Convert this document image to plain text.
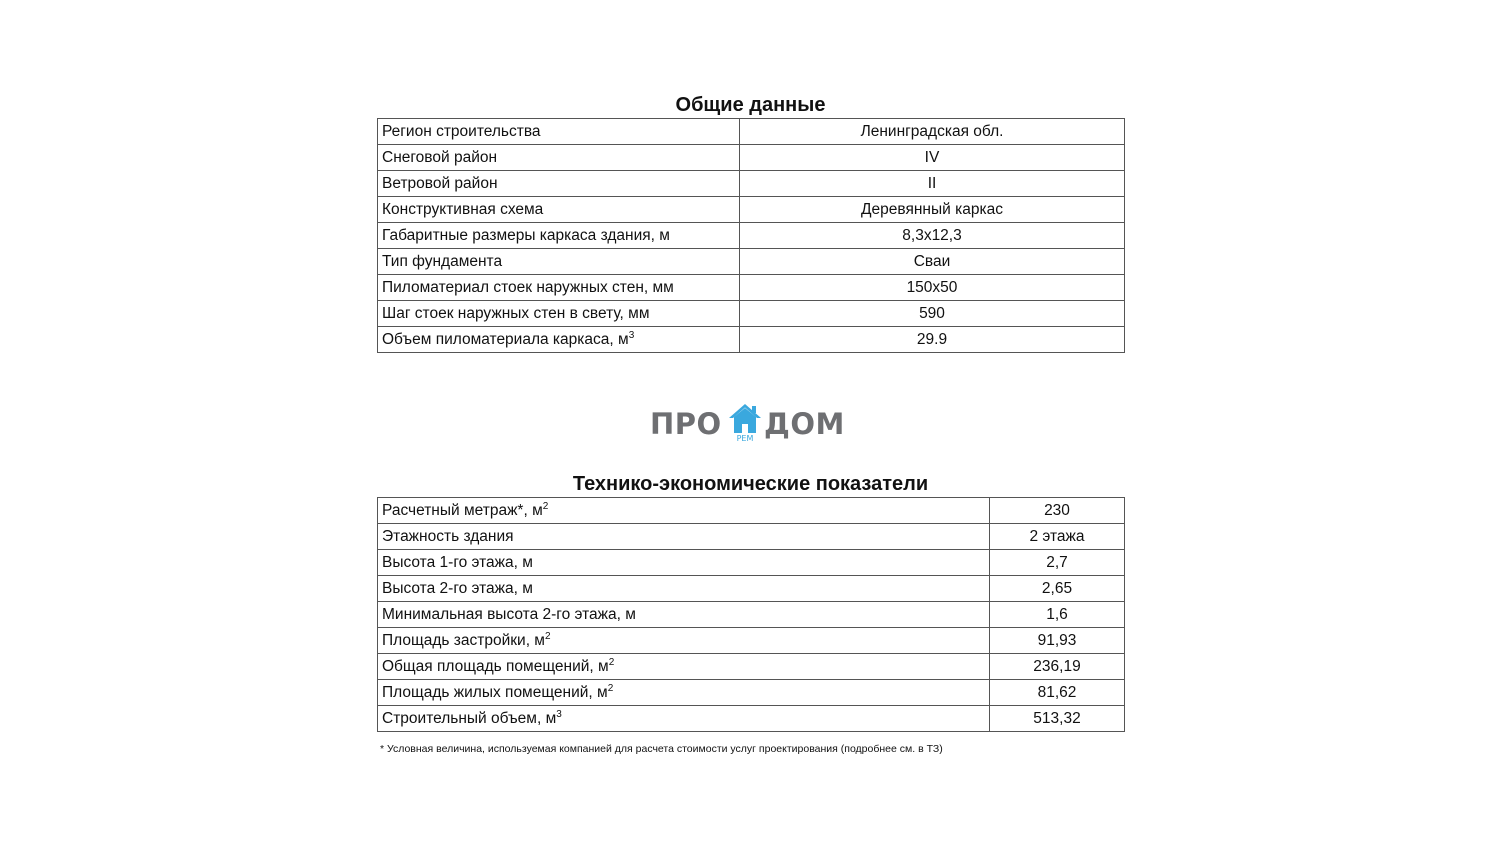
Общие данные
Регион строительства	Ленинградская обл.
Снеговой район	IV
Ветровой район	II
Конструктивная схема	Деревянный каркас
Габаритные размеры каркаса здания, м	8,3x12,3
Тип фундамента	Сваи
Пиломатериал стоек наружных стен, мм	150x50
Шаг стоек наружных стен в свету, мм	590
Объем пиломатериала каркаса, $м^3$	29.9
ПРО	РЕМ ДОМ
Технико-экономические показатели
Расчетный метраж*, $м^2$	230
Этажность здания	2 этажа
Высота 1-го этажа, м	2,7
Высота 2-го этажа, м	2,65
Минимальная высота 2-го этажа, м	1,6
Площадь застройки, $м^2$	91,93
Общая площадь помещений, $м^2$	236,19
Площадь жилых помещений, $м^2$	81,62
Строительный объем, $м^3$	513,32
* Условная величина, используемая компанией для расчета стоимости услуг проектирования (подробнее см. в ТЗ)
